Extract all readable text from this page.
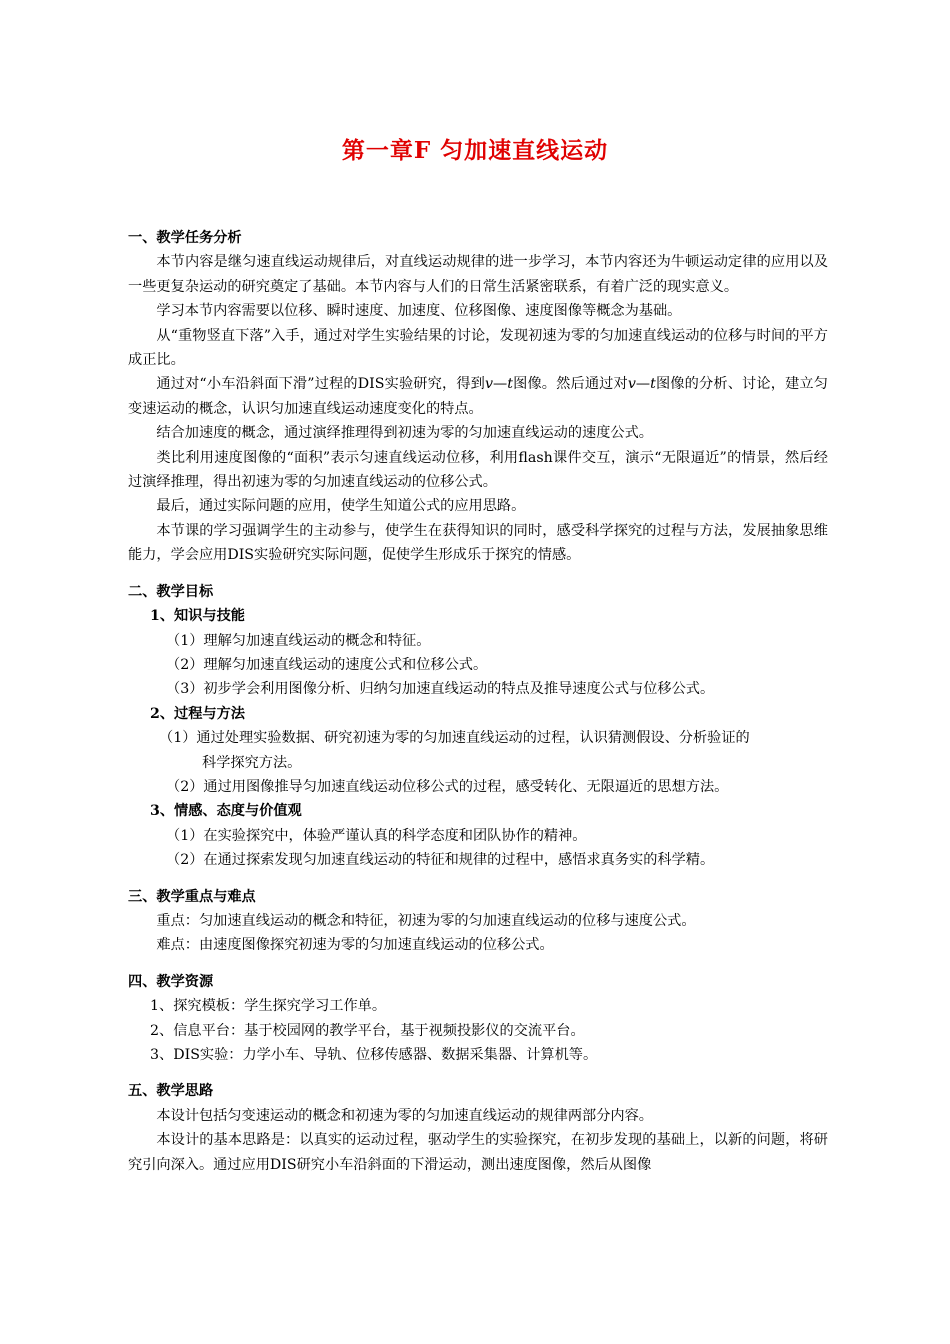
第一章F 匀加速直线运动
一、教学任务分析
本节内容是继匀速直线运动规律后，对直线运动规律的进一步学习，本节内容还为牛顿运动定律的应用以及一些更复杂运动的研究奠定了基础。本节内容与人们的日常生活紧密联系，有着广泛的现实意义。
学习本节内容需要以位移、瞬时速度、加速度、位移图像、速度图像等概念为基础。
从“重物竖直下落”入手，通过对学生实验结果的讨论，发现初速为零的匀加速直线运动的位移与时间的平方成正比。
通过对“小车沿斜面下滑”过程的DIS实验研究，得到v—t图像。然后通过对v—t图像的分析、讨论，建立匀变速运动的概念，认识匀加速直线运动速度变化的特点。
结合加速度的概念，通过演绎推理得到初速为零的匀加速直线运动的速度公式。
类比利用速度图像的“面积”表示匀速直线运动位移，利用flash课件交互，演示“无限逼近”的情景，然后经过演绎推理，得出初速为零的匀加速直线运动的位移公式。
最后，通过实际问题的应用，使学生知道公式的应用思路。
本节课的学习强调学生的主动参与，使学生在获得知识的同时，感受科学探究的过程与方法，发展抽象思维能力，学会应用DIS实验研究实际问题，促使学生形成乐于探究的情感。
二、教学目标
1、知识与技能
（1）理解匀加速直线运动的概念和特征。
（2）理解匀加速直线运动的速度公式和位移公式。
（3）初步学会利用图像分析、归纳匀加速直线运动的特点及推导速度公式与位移公式。
2、过程与方法
（1）通过处理实验数据、研究初速为零的匀加速直线运动的过程，认识猜测假设、分析验证的
科学探究方法。
（2）通过用图像推导匀加速直线运动位移公式的过程，感受转化、无限逼近的思想方法。
3、情感、态度与价值观
（1）在实验探究中，体验严谨认真的科学态度和团队协作的精神。
（2）在通过探索发现匀加速直线运动的特征和规律的过程中，感悟求真务实的科学精。
三、教学重点与难点
重点：匀加速直线运动的概念和特征，初速为零的匀加速直线运动的位移与速度公式。
难点：由速度图像探究初速为零的匀加速直线运动的位移公式。
四、教学资源
1、探究模板：学生探究学习工作单。
2、信息平台：基于校园网的教学平台，基于视频投影仪的交流平台。
3、DIS实验：力学小车、导轨、位移传感器、数据采集器、计算机等。
五、教学思路
本设计包括匀变速运动的概念和初速为零的匀加速直线运动的规律两部分内容。
本设计的基本思路是：以真实的运动过程，驱动学生的实验探究，在初步发现的基础上，以新的问题，将研究引向深入。通过应用DIS研究小车沿斜面的下滑运动，测出速度图像，然后从图像
